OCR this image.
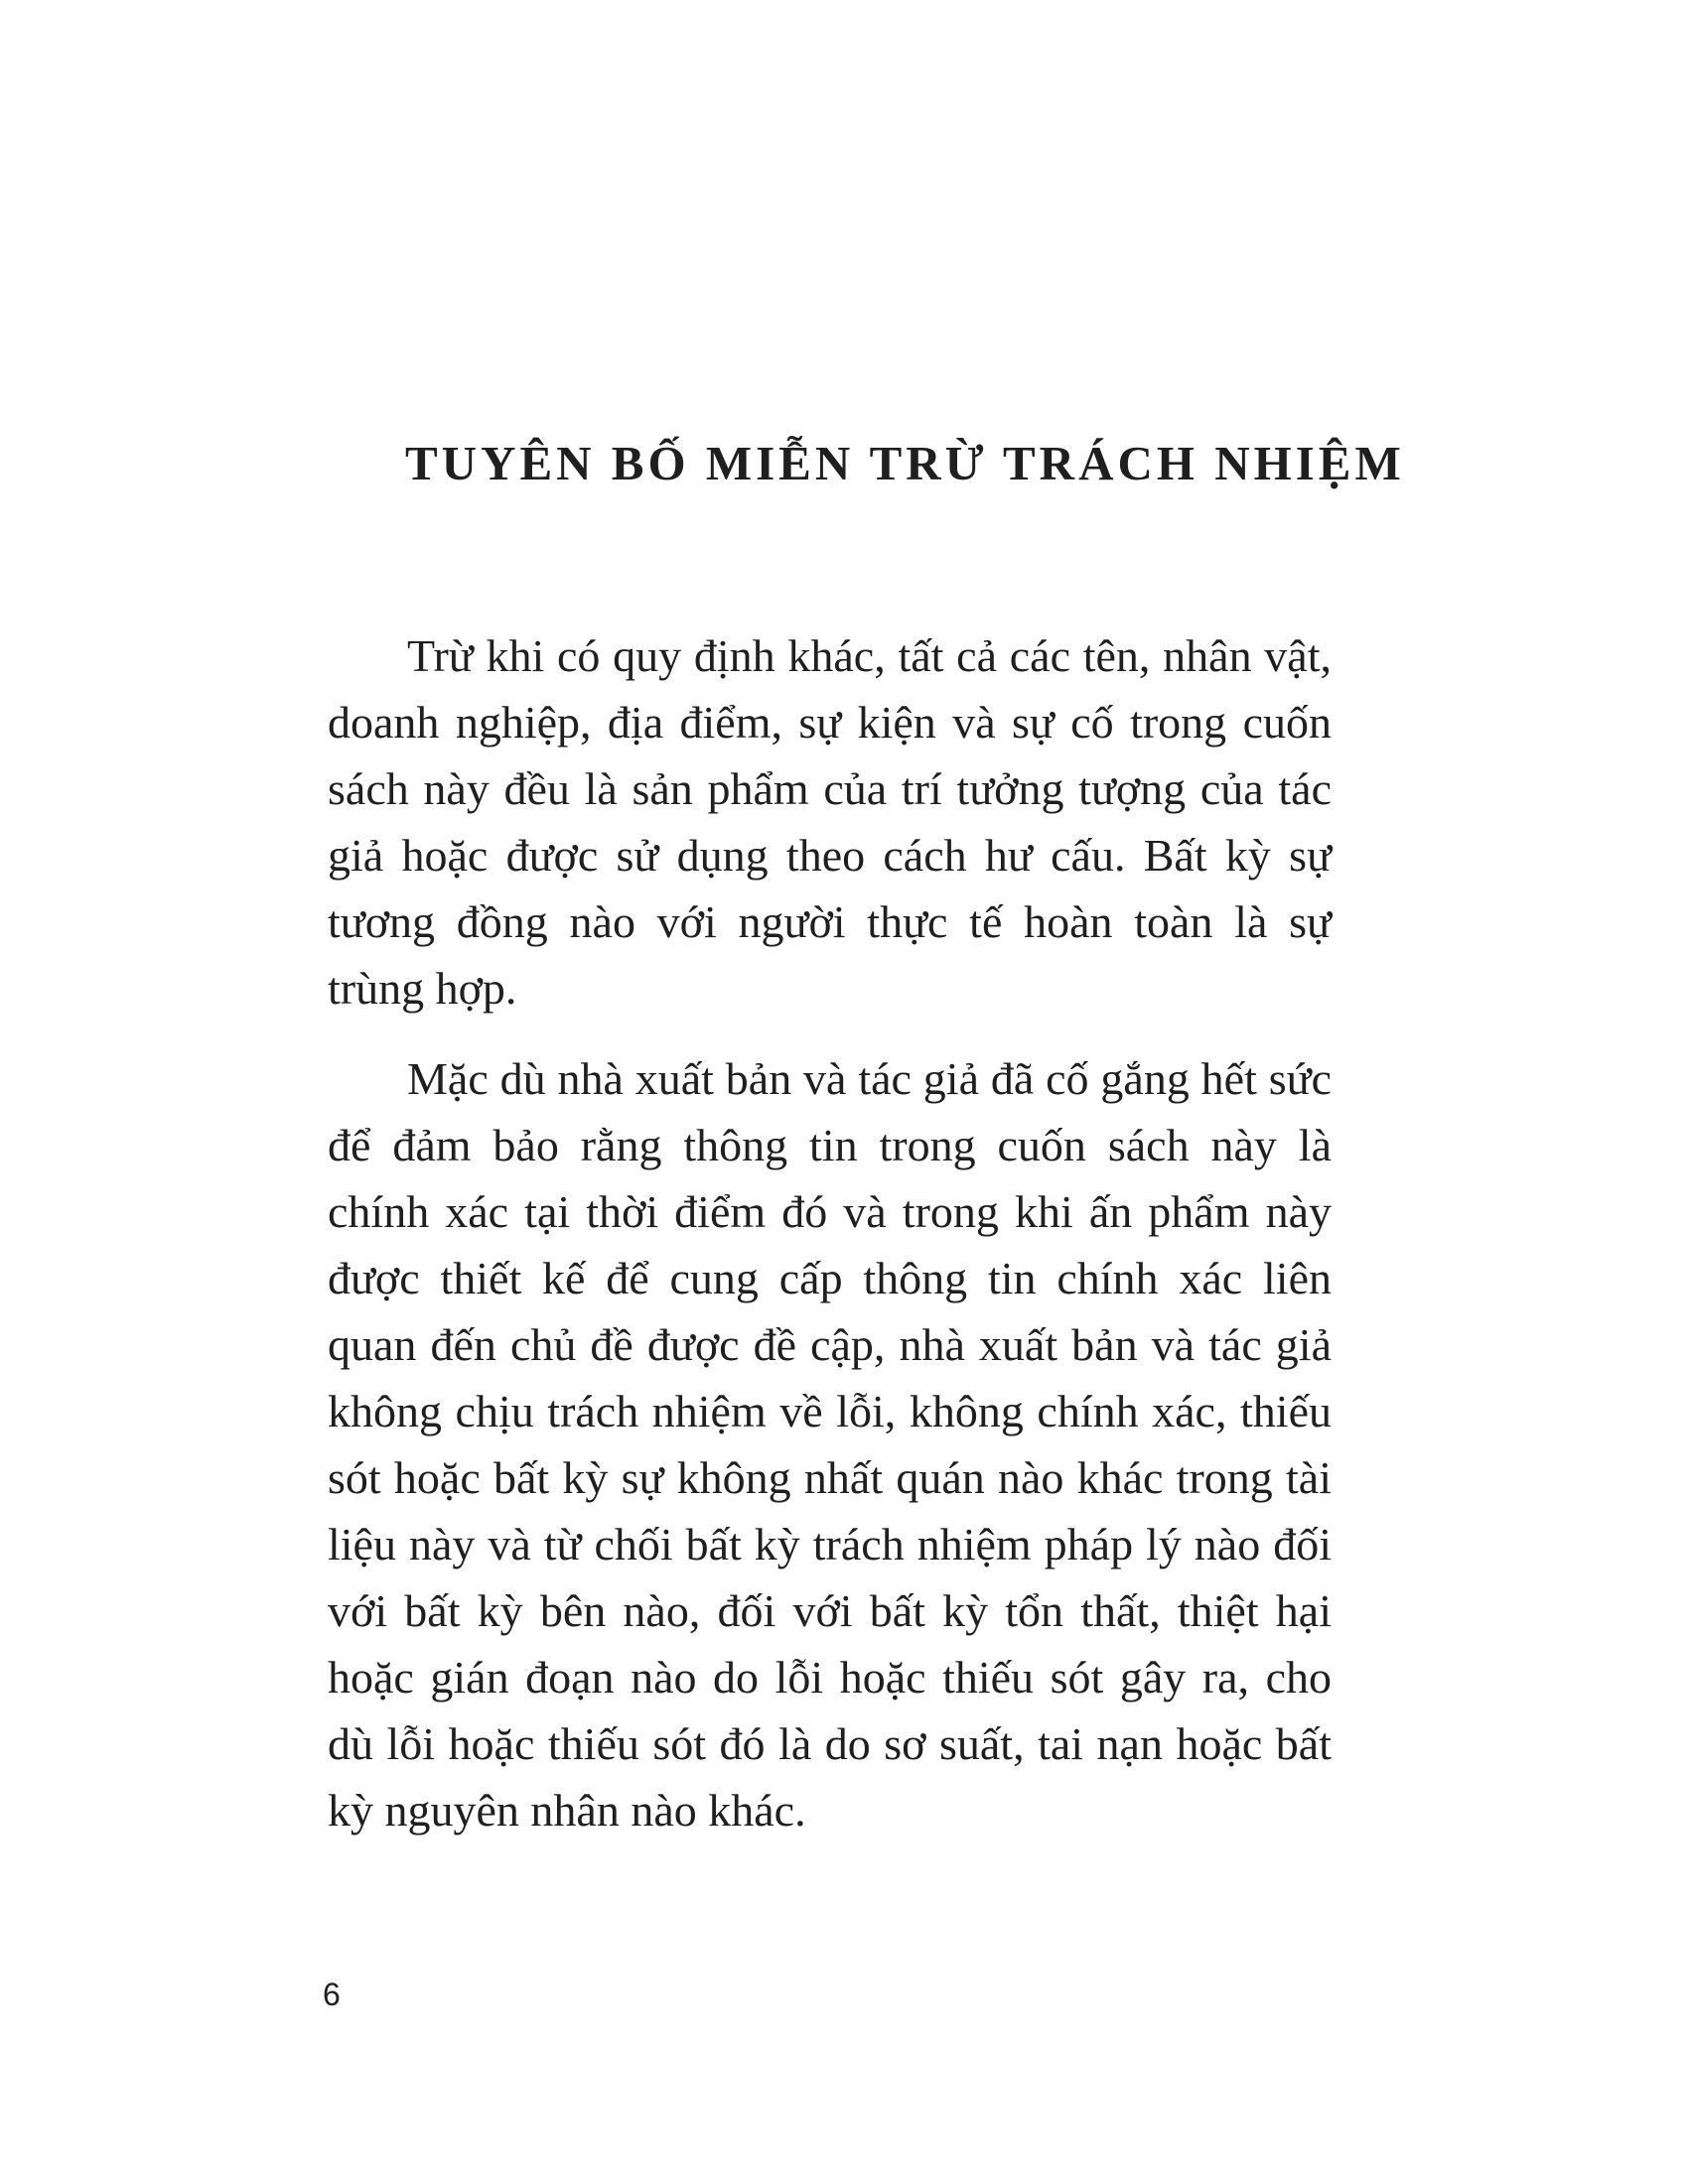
TUYÊN BỐ MIỄN TRỪ TRÁCH NHIỆM

Trừ khi có quy định khác, tất cả các tên, nhân vật, doanh nghiệp, địa điểm, sự kiện và sự cố trong cuốn sách này đều là sản phẩm của trí tưởng tượng của tác giả hoặc được sử dụng theo cách hư cấu. Bất kỳ sự tương đồng nào với người thực tế hoàn toàn là sự trùng hợp.

Mặc dù nhà xuất bản và tác giả đã cố gắng hết sức để đảm bảo rằng thông tin trong cuốn sách này là chính xác tại thời điểm đó và trong khi ấn phẩm này được thiết kế để cung cấp thông tin chính xác liên quan đến chủ đề được đề cập, nhà xuất bản và tác giả không chịu trách nhiệm về lỗi, không chính xác, thiếu sót hoặc bất kỳ sự không nhất quán nào khác trong tài liệu này và từ chối bất kỳ trách nhiệm pháp lý nào đối với bất kỳ bên nào, đối với bất kỳ tổn thất, thiệt hại hoặc gián đoạn nào do lỗi hoặc thiếu sót gây ra, cho dù lỗi hoặc thiếu sót đó là do sơ suất, tai nạn hoặc bất kỳ nguyên nhân nào khác.

6
